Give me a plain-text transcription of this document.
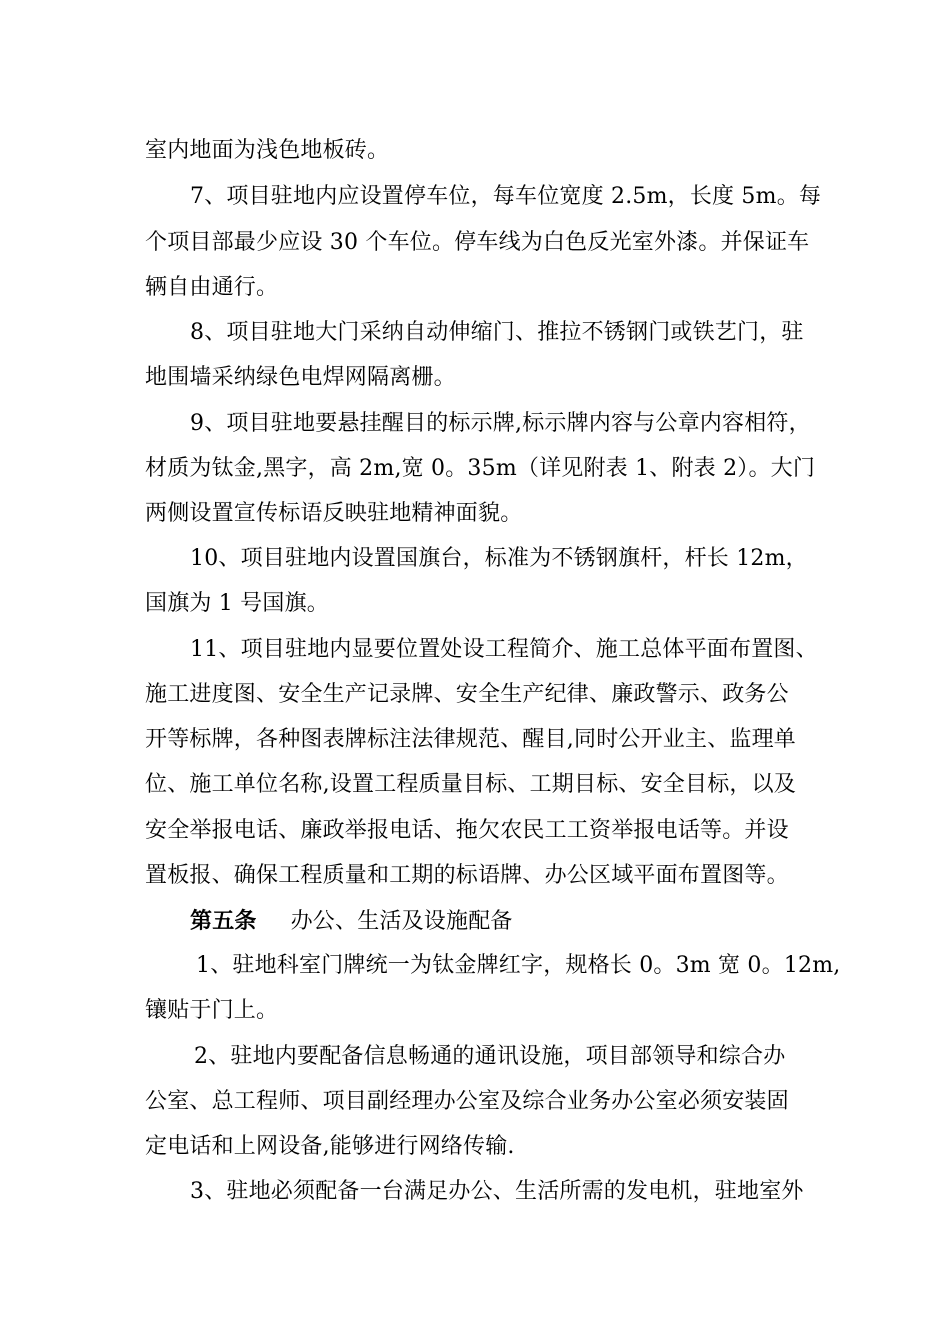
室内地面为浅色地板砖。
7、项目驻地内应设置停车位，每车位宽度 2.5m，长度 5m。每
个项目部最少应设 30 个车位。停车线为白色反光室外漆。并保证车
辆自由通行。
8、项目驻地大门采纳自动伸缩门、推拉不锈钢门或铁艺门，驻
地围墙采纳绿色电焊网隔离栅。
9、项目驻地要悬挂醒目的标示牌,标示牌内容与公章内容相符，
材质为钛金,黑字，高 2m,宽 0。35m（详见附表 1、附表 2）。大门
两侧设置宣传标语反映驻地精神面貌。
10、项目驻地内设置国旗台，标准为不锈钢旗杆，杆长 12m，
国旗为 1 号国旗。
11、项目驻地内显要位置处设工程简介、施工总体平面布置图、
施工进度图、安全生产记录牌、安全生产纪律、廉政警示、政务公
开等标牌，各种图表牌标注法律规范、醒目,同时公开业主、监理单
位、施工单位名称,设置工程质量目标、工期目标、安全目标，以及
安全举报电话、廉政举报电话、拖欠农民工工资举报电话等。并设
置板报、确保工程质量和工期的标语牌、办公区域平面布置图等。
第五条 办公、生活及设施配备
1、驻地科室门牌统一为钛金牌红字，规格长 0。3m 宽 0。12m,
镶贴于门上。
2、驻地内要配备信息畅通的通讯设施，项目部领导和综合办
公室、总工程师、项目副经理办公室及综合业务办公室必须安装固
定电话和上网设备,能够进行网络传输.
3、驻地必须配备一台满足办公、生活所需的发电机，驻地室外
